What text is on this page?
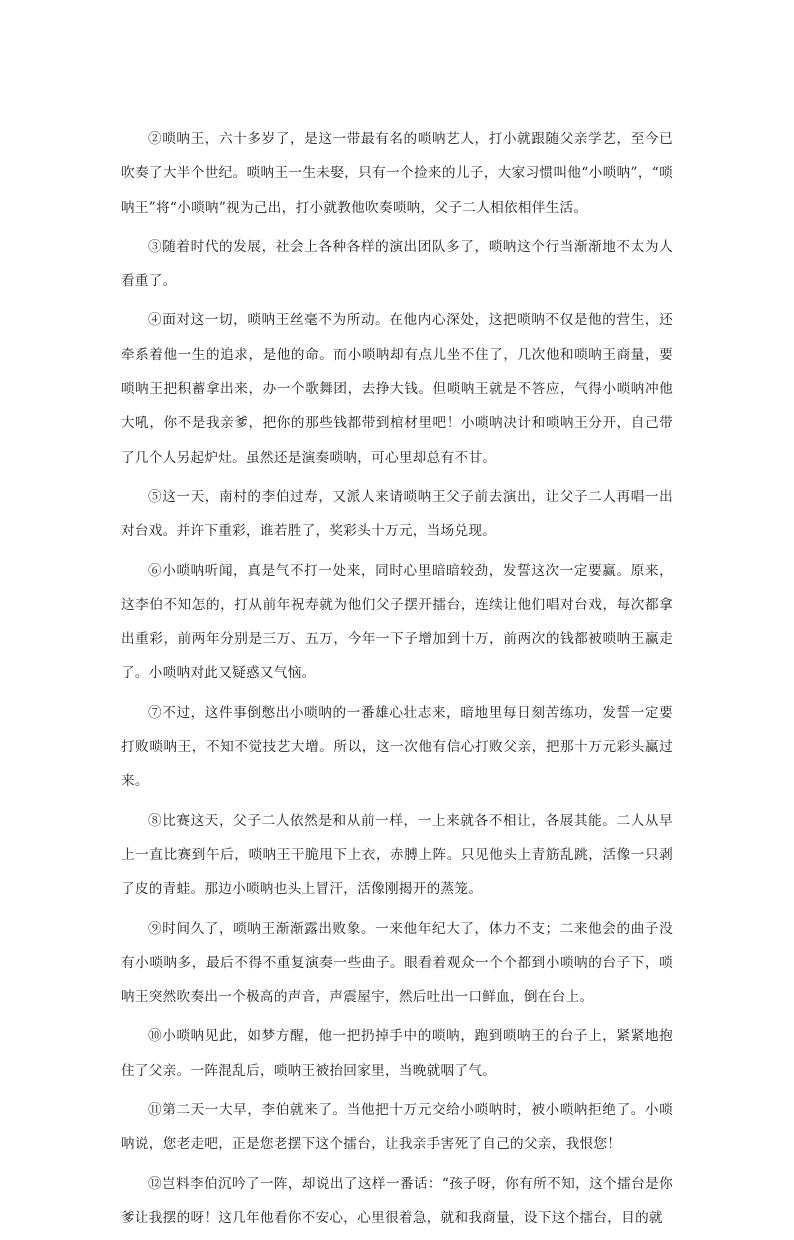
②唢呐王，六十多岁了，是这一带最有名的唢呐艺人，打小就跟随父亲学艺，至今已吹奏了大半个世纪。唢呐王一生未娶，只有一个捡来的儿子，大家习惯叫他“小唢呐”，“唢呐王”将“小唢呐”视为己出，打小就教他吹奏唢呐，父子二人相依相伴生活。

③随着时代的发展，社会上各种各样的演出团队多了，唢呐这个行当渐渐地不太为人看重了。

④面对这一切，唢呐王丝毫不为所动。在他内心深处，这把唢呐不仅是他的营生，还牵系着他一生的追求，是他的命。而小唢呐却有点儿坐不住了，几次他和唢呐王商量，要唢呐王把积蓄拿出来，办一个歌舞团，去挣大钱。但唢呐王就是不答应，气得小唢呐冲他大吼，你不是我亲爹，把你的那些钱都带到棺材里吧！小唢呐决计和唢呐王分开，自己带了几个人另起炉灶。虽然还是演奏唢呐，可心里却总有不甘。

⑤这一天，南村的李伯过寿，又派人来请唢呐王父子前去演出，让父子二人再唱一出对台戏。并许下重彩，谁若胜了，奖彩头十万元，当场兑现。

⑥小唢呐听闻，真是气不打一处来，同时心里暗暗较劲，发誓这次一定要赢。原来，这李伯不知怎的，打从前年祝寿就为他们父子摆开擂台，连续让他们唱对台戏，每次都拿出重彩，前两年分别是三万、五万，今年一下子增加到十万，前两次的钱都被唢呐王赢走了。小唢呐对此又疑惑又气恼。

⑦不过，这件事倒憋出小唢呐的一番雄心壮志来，暗地里每日刻苦练功，发誓一定要打败唢呐王，不知不觉技艺大增。所以，这一次他有信心打败父亲，把那十万元彩头赢过来。

⑧比赛这天，父子二人依然是和从前一样，一上来就各不相让，各展其能。二人从早上一直比赛到午后，唢呐王干脆甩下上衣，赤膊上阵。只见他头上青筋乱跳，活像一只剥了皮的青蛙。那边小唢呐也头上冒汗，活像刚揭开的蒸笼。

⑨时间久了，唢呐王渐渐露出败象。一来他年纪大了，体力不支；二来他会的曲子没有小唢呐多，最后不得不重复演奏一些曲子。眼看着观众一个个都到小唢呐的台子下，唢呐王突然吹奏出一个极高的声音，声震屋宇，然后吐出一口鲜血，倒在台上。

⑩小唢呐见此，如梦方醒，他一把扔掉手中的唢呐，跑到唢呐王的台子上，紧紧地抱住了父亲。一阵混乱后，唢呐王被抬回家里，当晚就咽了气。

⑪第二天一大早，李伯就来了。当他把十万元交给小唢呐时，被小唢呐拒绝了。小唢呐说，您老走吧，正是您老摆下这个擂台，让我亲手害死了自己的父亲，我恨您！

⑫岂料李伯沉吟了一阵，却说出了这样一番话：“孩子呀，你有所不知，这个擂台是你爹让我摆的呀！这几年他看你不安心，心里很着急，就和我商量，设下这个擂台，目的就
